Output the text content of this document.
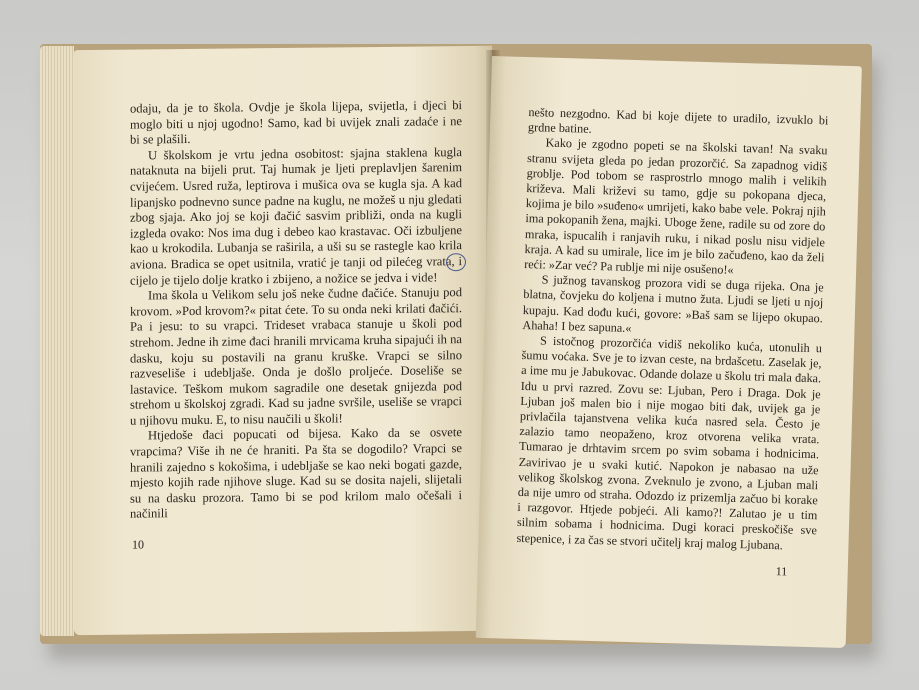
odaju, da je to škola. Ovdje je škola lijepa, svijetla, i djeci bi moglo biti u njoj ugodno! Samo, kad bi uvijek znali zadaće i ne bi se plašili.

U školskom je vrtu jedna osobitost: sjajna staklena kugla nataknuta na bijeli prut. Taj humak je ljeti preplavljen šarenim cvijećem. Usred ruža, leptirova i mušica ova se kugla sja. A kad lipanjsko podnevno sunce padne na kuglu, ne možeš u nju gledati zbog sjaja. Ako joj se koji đačić sasvim približi, onda na kugli izgleda ovako: Nos ima dug i debeo kao krastavac. Oči izbuljene kao u krokodila. Lubanja se raširila, a uši su se rastegle kao krila aviona. Bradica se opet usitnila, vratić je tanji od pilećeg vrata, i cijelo je tijelo dolje kratko i zbijeno, a nožice se jedva i vide!

Ima škola u Velikom selu još neke čudne đačiće. Stanuju pod krovom. »Pod krovom?« pitat ćete. To su onda neki krilati đačići. Pa i jesu: to su vrapci. Trideset vrabaca stanuje u školi pod strehom. Jedne ih zime đaci hranili mrvicama kruha sipajući ih na dasku, koju su postavili na granu kruške. Vrapci se silno razveseliše i udebljaše. Onda je došlo proljeće. Doseliše se lastavice. Teškom mukom sagradile one desetak gnijezda pod strehom u školskoj zgradi. Kad su jadne svršile, useliše se vrapci u njihovu muku. E, to nisu naučili u školi!

Htjedoše đaci popucati od bijesa. Kako da se osvete vrapcima? Više ih ne će hraniti. Pa šta se dogodilo? Vrapci se hranili zajedno s kokošima, i udebljaše se kao neki bogati gazde, mjesto kojih rade njihove sluge. Kad su se dosita najeli, slijetali su na dasku prozora. Tamo bi se pod krilom malo očešali i načinili

10

nešto nezgodno. Kad bi koje dijete to uradilo, izvuklo bi grdne batine.

Kako je zgodno popeti se na školski tavan! Na svaku stranu svijeta gleda po jedan prozorčić. Sa zapadnog vidiš groblje. Pod tobom se rasprostrlo mnogo malih i velikih križeva. Mali križevi su tamo, gdje su pokopana djeca, kojima je bilo »suđeno« umrijeti, kako babe vele. Pokraj njih ima pokopanih žena, majki. Uboge žene, radile su od zore do mraka, ispucalih i ranjavih ruku, i nikad poslu nisu vidjele kraja. A kad su umirale, lice im je bilo začuđeno, kao da želi reći: »Zar već? Pa rublje mi nije osušeno!«

S južnog tavanskog prozora vidi se duga rijeka. Ona je blatna, čovjeku do koljena i mutno žuta. Ljudi se ljeti u njoj kupaju. Kad dođu kući, govore: »Baš sam se lijepo okupao. Ahaha! I bez sapuna.«

S istočnog prozorčića vidiš nekoliko kuća, utonulih u šumu voćaka. Sve je to izvan ceste, na brdašcetu. Zaselak je, a ime mu je Jabukovac. Odande dolaze u školu tri mala đaka. Idu u prvi razred. Zovu se: Ljuban, Pero i Draga. Dok je Ljuban još malen bio i nije mogao biti đak, uvijek ga je privlačila tajanstvena velika kuća nasred sela. Često je zalazio tamo neopaženo, kroz otvorena velika vrata. Tumarao je drhtavim srcem po svim sobama i hodnicima. Zavirivao je u svaki kutić. Napokon je nabasao na uže velikog školskog zvona. Zveknulo je zvono, a Ljuban mali da nije umro od straha. Odozdo iz prizemlja začuo bi korake i razgovor. Htjede pobjeći. Ali kamo?! Zalutao je u tim silnim sobama i hodnicima. Dugi koraci preskočiše sve stepenice, i za čas se stvori učitelj kraj malog Ljubana.

11
